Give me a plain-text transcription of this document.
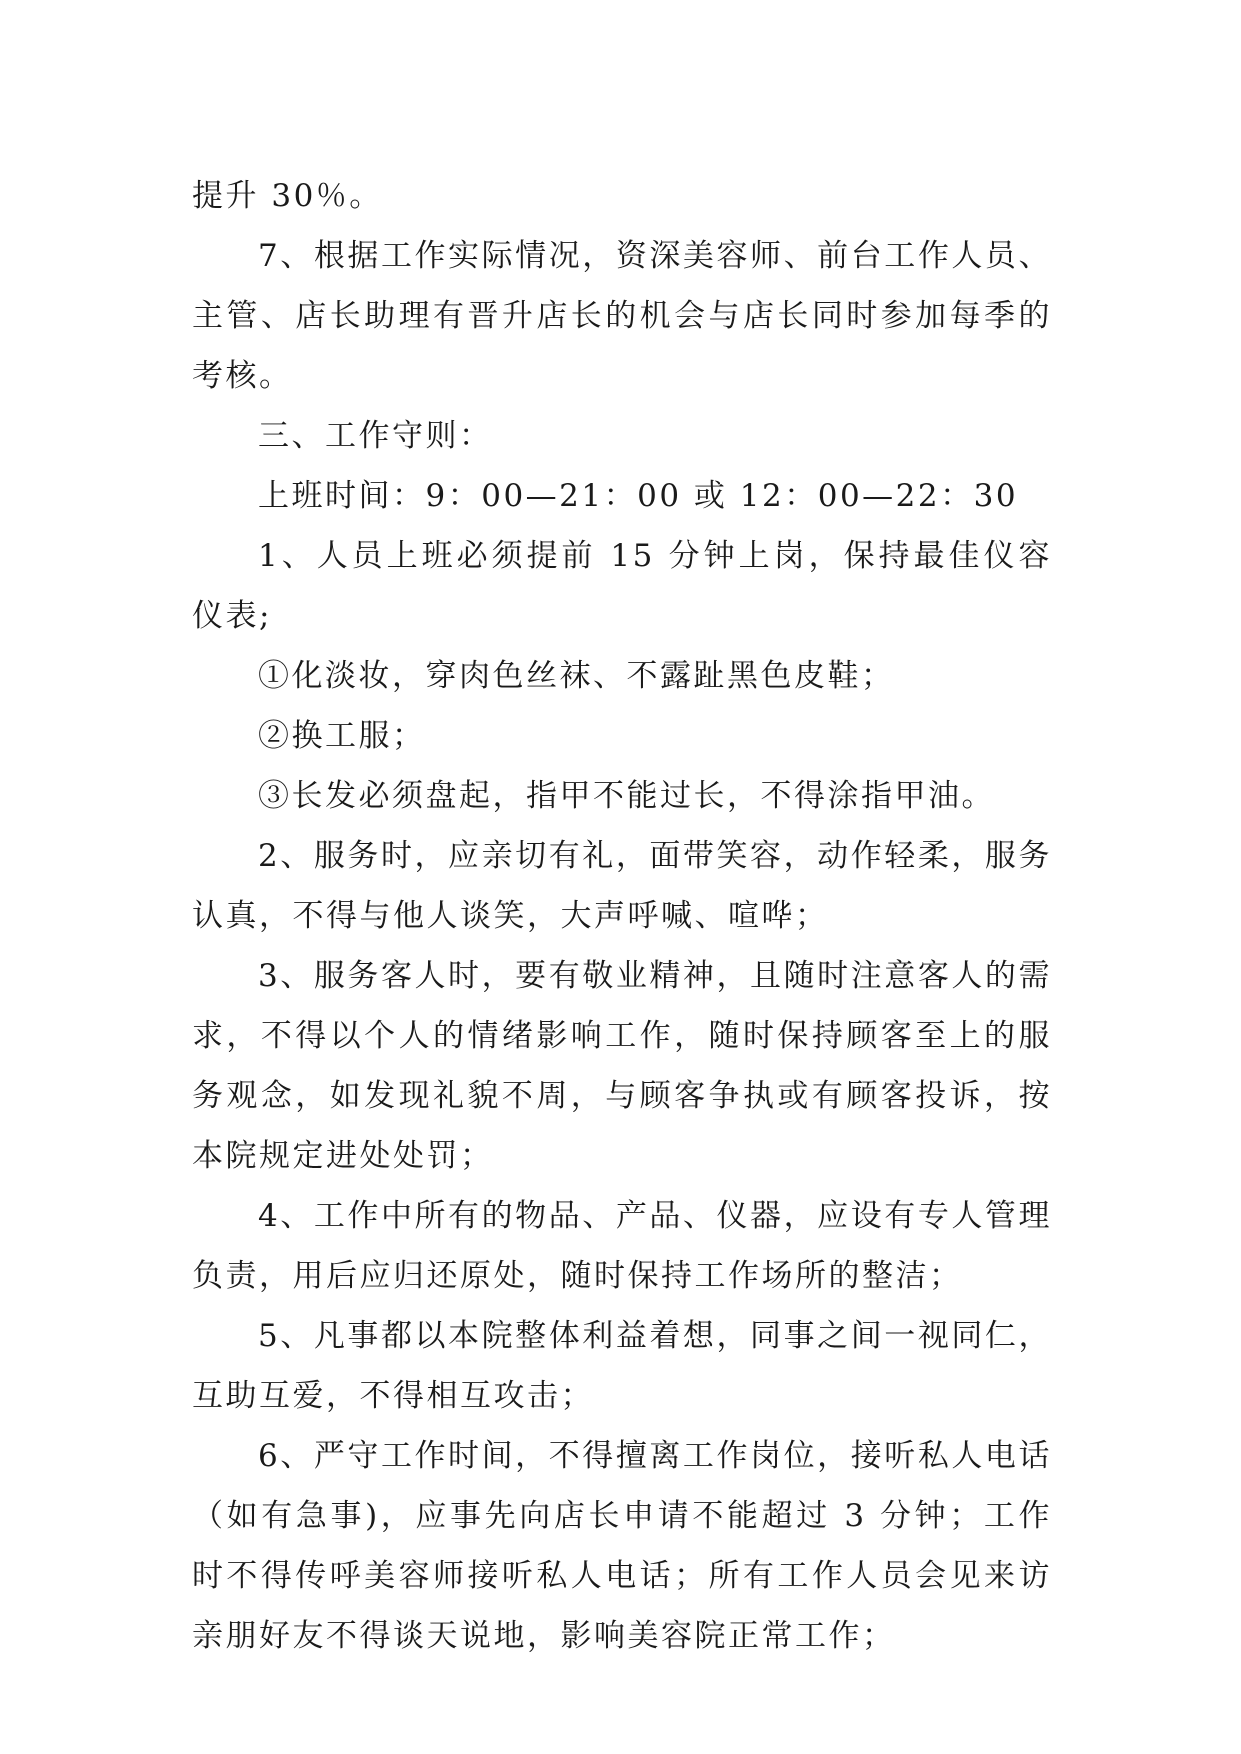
提升 30％。

7、根据工作实际情况，资深美容师、前台工作人员、主管、店长助理有晋升店长的机会与店长同时参加每季的考核。

三、工作守则：

上班时间：9：00—21：00 或 12：00—22：30

1、人员上班必须提前 15 分钟上岗，保持最佳仪容仪表;

①化淡妆，穿肉色丝袜、不露趾黑色皮鞋；

②换工服；

③长发必须盘起，指甲不能过长，不得涂指甲油。

2、服务时，应亲切有礼，面带笑容，动作轻柔，服务认真，不得与他人谈笑，大声呼喊、喧哗；

3、服务客人时，要有敬业精神，且随时注意客人的需求，不得以个人的情绪影响工作，随时保持顾客至上的服务观念，如发现礼貌不周，与顾客争执或有顾客投诉，按本院规定进处处罚；

4、工作中所有的物品、产品、仪器，应设有专人管理负责，用后应归还原处，随时保持工作场所的整洁；

5、凡事都以本院整体利益着想，同事之间一视同仁，互助互爱，不得相互攻击；

6、严守工作时间，不得擅离工作岗位，接听私人电话（如有急事)，应事先向店长申请不能超过 3 分钟；工作时不得传呼美容师接听私人电话；所有工作人员会见来访亲朋好友不得谈天说地，影响美容院正常工作；
